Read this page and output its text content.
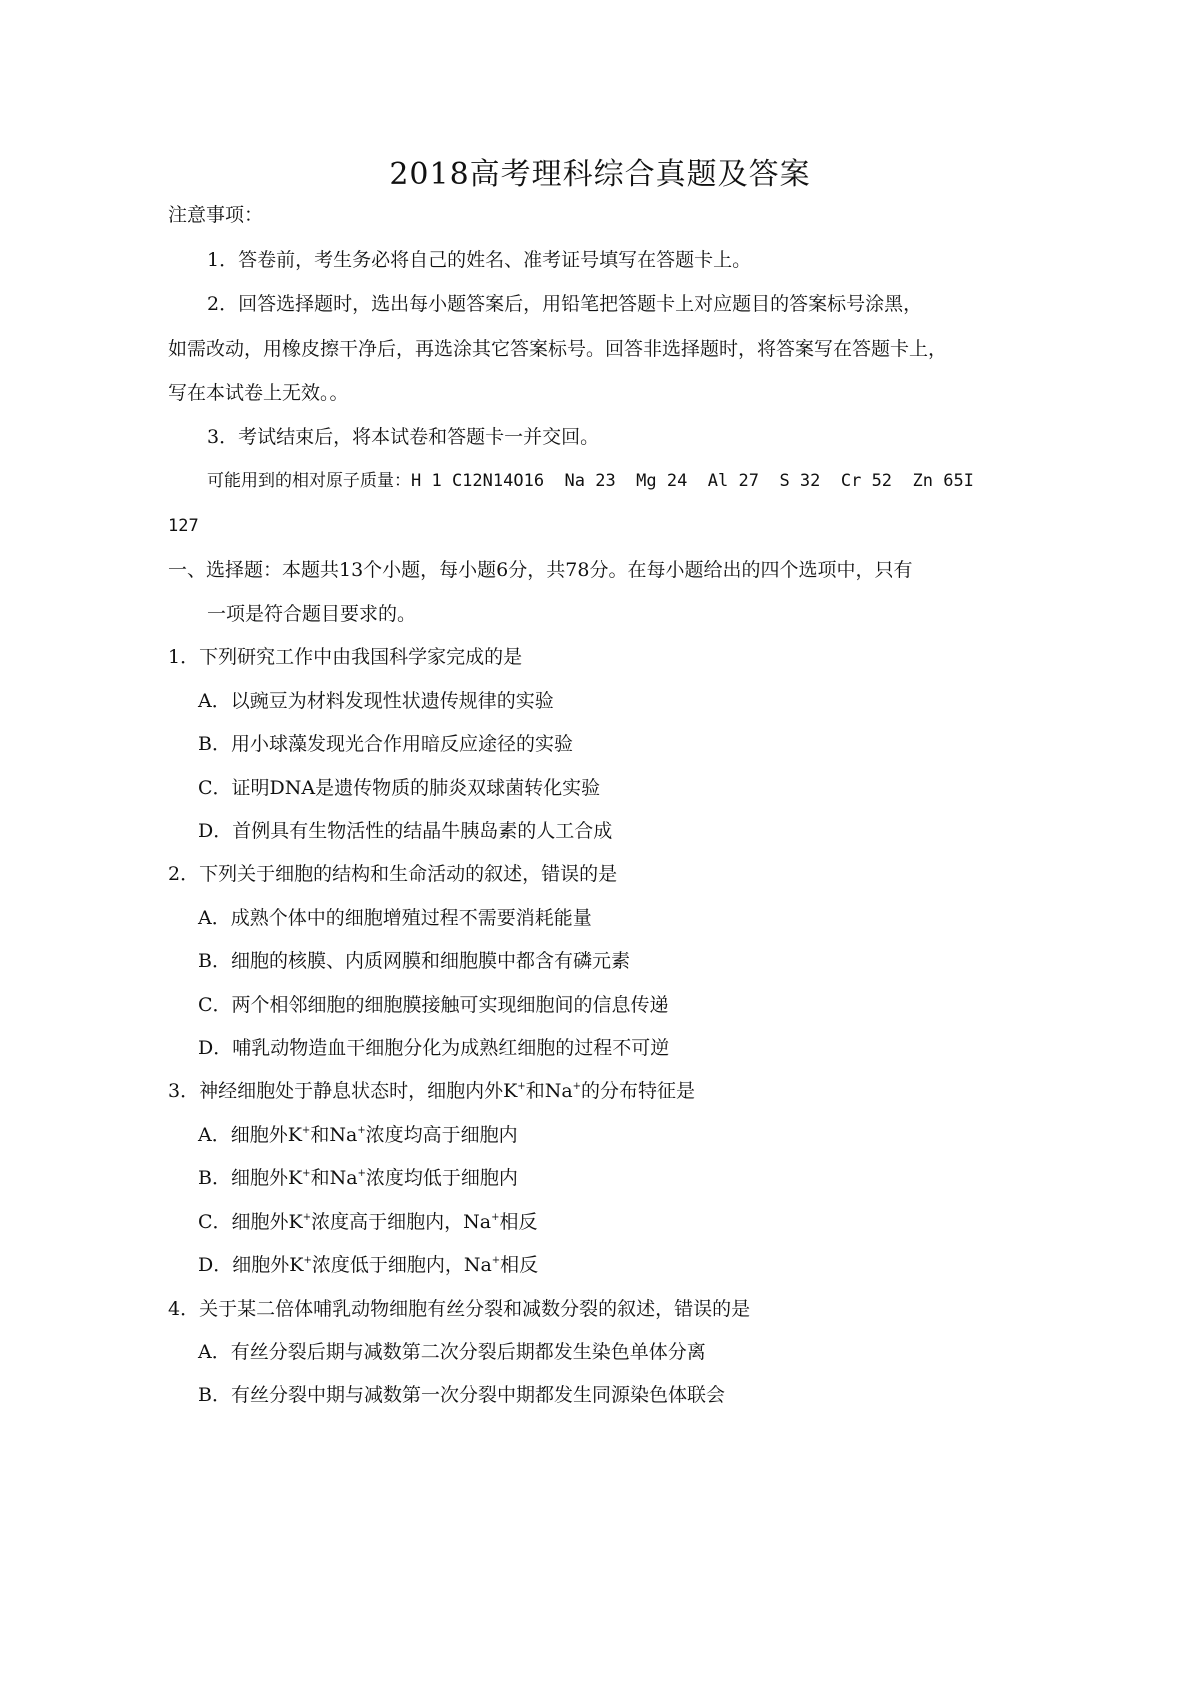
2018高考理科综合真题及答案
注意事项：
1．答卷前，考生务必将自己的姓名、准考证号填写在答题卡上。
2．回答选择题时，选出每小题答案后，用铅笔把答题卡上对应题目的答案标号涂黑，
如需改动，用橡皮擦干净后，再选涂其它答案标号。回答非选择题时，将答案写在答题卡上，
写在本试卷上无效。。
3．考试结束后，将本试卷和答题卡一并交回。
可能用到的相对原子质量：H 1 C12N14O16  Na 23  Mg 24  Al 27  S 32  Cr 52  Zn 65I
127
一、选择题：本题共13个小题，每小题6分，共78分。在每小题给出的四个选项中，只有
一项是符合题目要求的。
1．下列研究工作中由我国科学家完成的是
A．以豌豆为材料发现性状遗传规律的实验
B．用小球藻发现光合作用暗反应途径的实验
C．证明DNA是遗传物质的肺炎双球菌转化实验
D．首例具有生物活性的结晶牛胰岛素的人工合成
2．下列关于细胞的结构和生命活动的叙述，错误的是
A．成熟个体中的细胞增殖过程不需要消耗能量
B．细胞的核膜、内质网膜和细胞膜中都含有磷元素
C．两个相邻细胞的细胞膜接触可实现细胞间的信息传递
D．哺乳动物造血干细胞分化为成熟红细胞的过程不可逆
3．神经细胞处于静息状态时，细胞内外K+和Na+的分布特征是
A．细胞外K+和Na+浓度均高于细胞内
B．细胞外K+和Na+浓度均低于细胞内
C．细胞外K+浓度高于细胞内，Na+相反
D．细胞外K+浓度低于细胞内，Na+相反
4．关于某二倍体哺乳动物细胞有丝分裂和减数分裂的叙述，错误的是
A．有丝分裂后期与减数第二次分裂后期都发生染色单体分离
B．有丝分裂中期与减数第一次分裂中期都发生同源染色体联会
